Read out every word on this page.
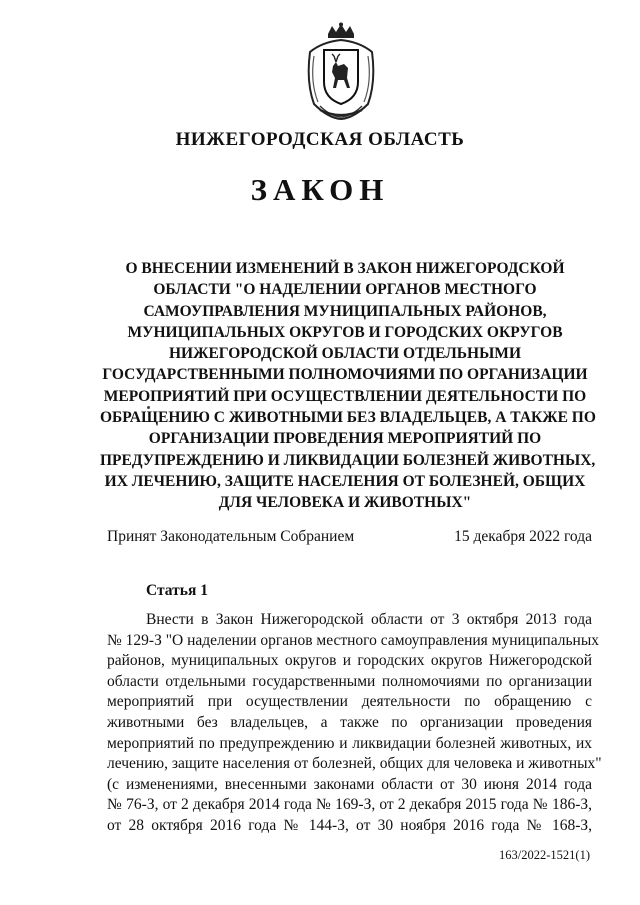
НИЖЕГОРОДСКАЯ ОБЛАСТЬ
ЗАКОН
О ВНЕСЕНИИ ИЗМЕНЕНИЙ В ЗАКОН НИЖЕГОРОДСКОЙ
ОБЛАСТИ "О НАДЕЛЕНИИ ОРГАНОВ МЕСТНОГО
САМОУПРАВЛЕНИЯ МУНИЦИПАЛЬНЫХ РАЙОНОВ,
МУНИЦИПАЛЬНЫХ ОКРУГОВ И ГОРОДСКИХ ОКРУГОВ
НИЖЕГОРОДСКОЙ ОБЛАСТИ ОТДЕЛЬНЫМИ
ГОСУДАРСТВЕННЫМИ ПОЛНОМОЧИЯМИ ПО ОРГАНИЗАЦИИ
МЕРОПРИЯТИЙ ПРИ ОСУЩЕСТВЛЕНИИ ДЕЯТЕЛЬНОСТИ ПО
ОБРАЩЕНИЮ С ЖИВОТНЫМИ БЕЗ ВЛАДЕЛЬЦЕВ, А ТАКЖЕ ПО
ОРГАНИЗАЦИИ ПРОВЕДЕНИЯ МЕРОПРИЯТИЙ ПО
ПРЕДУПРЕЖДЕНИЮ И ЛИКВИДАЦИИ БОЛЕЗНЕЙ ЖИВОТНЫХ,
ИХ ЛЕЧЕНИЮ, ЗАЩИТЕ НАСЕЛЕНИЯ ОТ БОЛЕЗНЕЙ, ОБЩИХ
ДЛЯ ЧЕЛОВЕКА И ЖИВОТНЫХ"
Принят Законодательным Собранием	15 декабря 2022 года
Статья 1
Внести в Закон Нижегородской области от 3 октября 2013 года
№ 129-З "О наделении органов местного самоуправления муниципальных
районов, муниципальных округов и городских округов Нижегородской
области отдельными государственными полномочиями по организации
мероприятий при осуществлении деятельности по обращению с
животными без владельцев, а также по организации проведения
мероприятий по предупреждению и ликвидации болезней животных, их
лечению, защите населения от болезней, общих для человека и животных"
(с изменениями, внесенными законами области от 30 июня 2014 года
№ 76-З, от 2 декабря 2014 года № 169-З, от 2 декабря 2015 года № 186-З,
от 28 октября 2016 года № 144-З, от 30 ноября 2016 года № 168-З,
163/2022-1521(1)
